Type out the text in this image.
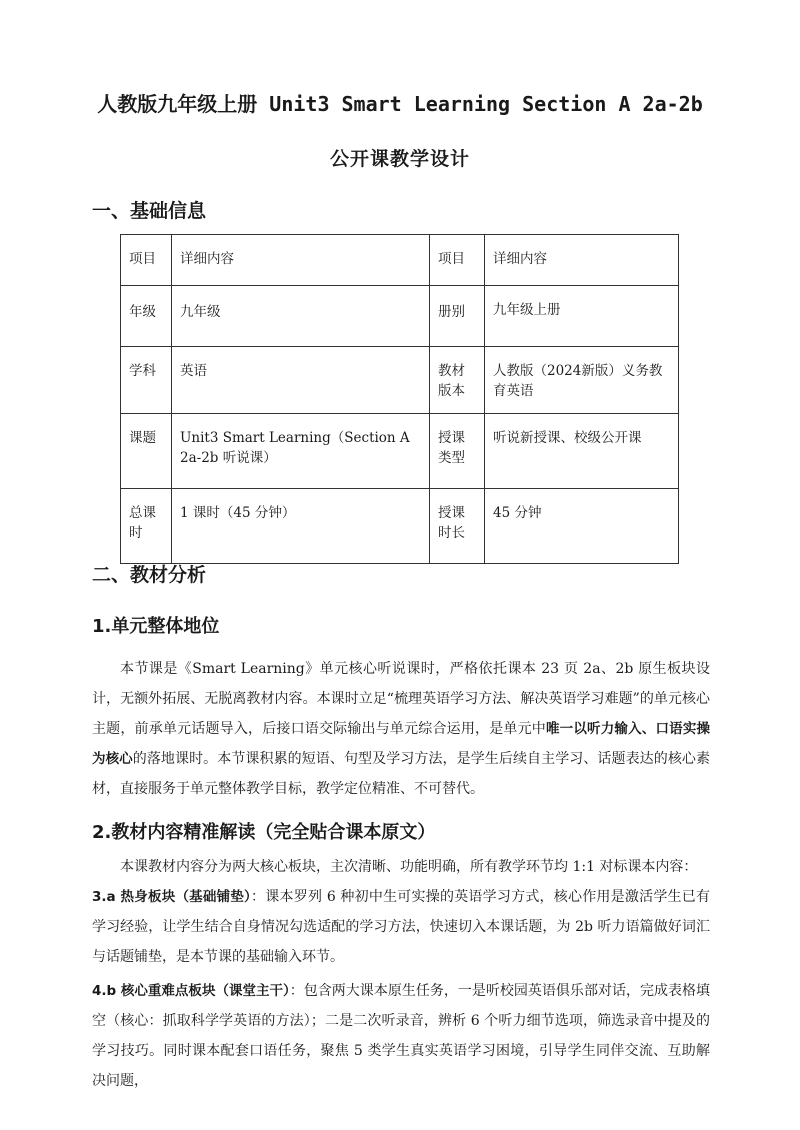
人教版九年级上册 Unit3 Smart Learning Section A 2a-2b
公开课教学设计
一、基础信息
项目	详细内容	项目	详细内容
年级	九年级	册别	九年级上册
学科	英语	教材版本	人教版（2024新版）义务教育英语
课题	Unit3 Smart Learning（Section A 2a-2b 听说课）	授课类型	听说新授课、校级公开课
总课时	1 课时（45 分钟）	授课时长	45 分钟
二、教材分析
1.单元整体地位

本节课是《Smart Learning》单元核心听说课时，严格依托课本 23 页 2a、2b 原生板块设计，无额外拓展、无脱离教材内容。本课时立足“梳理英语学习方法、解决英语学习难题”的单元核心主题，前承单元话题导入，后接口语交际输出与单元综合运用，是单元中唯一以听力输入、口语实操为核心的落地课时。本节课积累的短语、句型及学习方法，是学生后续自主学习、话题表达的核心素材，直接服务于单元整体教学目标，教学定位精准、不可替代。

2.教材内容精准解读（完全贴合课本原文）

本课教材内容分为两大核心板块，主次清晰、功能明确，所有教学环节均 1:1 对标课本内容：

3.a 热身板块（基础铺垫）：课本罗列 6 种初中生可实操的英语学习方式，核心作用是激活学生已有学习经验，让学生结合自身情况勾选适配的学习方法，快速切入本课话题，为 2b 听力语篇做好词汇与话题铺垫，是本节课的基础输入环节。

4.b 核心重难点板块（课堂主干）：包含两大课本原生任务，一是听校园英语俱乐部对话，完成表格填空（核心：抓取科学学英语的方法）；二是二次听录音，辨析 6 个听力细节选项，筛选录音中提及的学习技巧。同时课本配套口语任务，聚焦 5 类学生真实英语学习困境，引导学生同伴交流、互助解决问题，
